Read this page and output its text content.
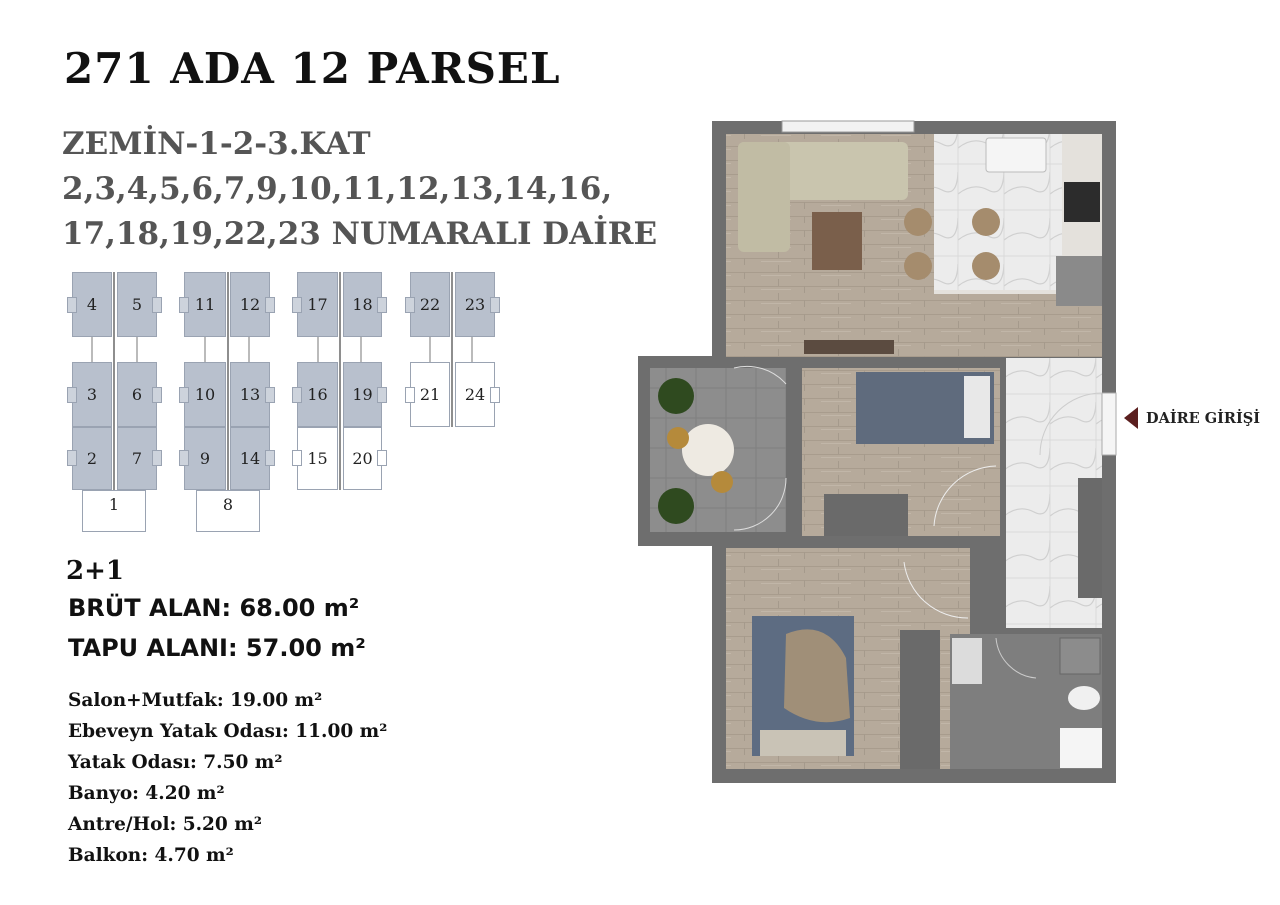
271 ADA 12 PARSEL
ZEMİN-1-2-3.KAT
2,3,4,5,6,7,9,10,11,12,13,14,16,
17,18,19,22,23 NUMARALI DAİRE
4 5
3 6
2 7
1
11 12
10 13
9 14
8
17 18
16 19
15 20
22 23
21 24
2+1
BRÜT ALAN: 68.00 m²
TAPU ALANI: 57.00 m²
Salon+Mutfak: 19.00 m²
Ebeveyn Yatak Odası: 11.00 m²
Yatak Odası: 7.50 m²
Banyo: 4.20 m²
Antre/Hol: 5.20 m²
Balkon: 4.70 m²
DAİRE GİRİŞİ
